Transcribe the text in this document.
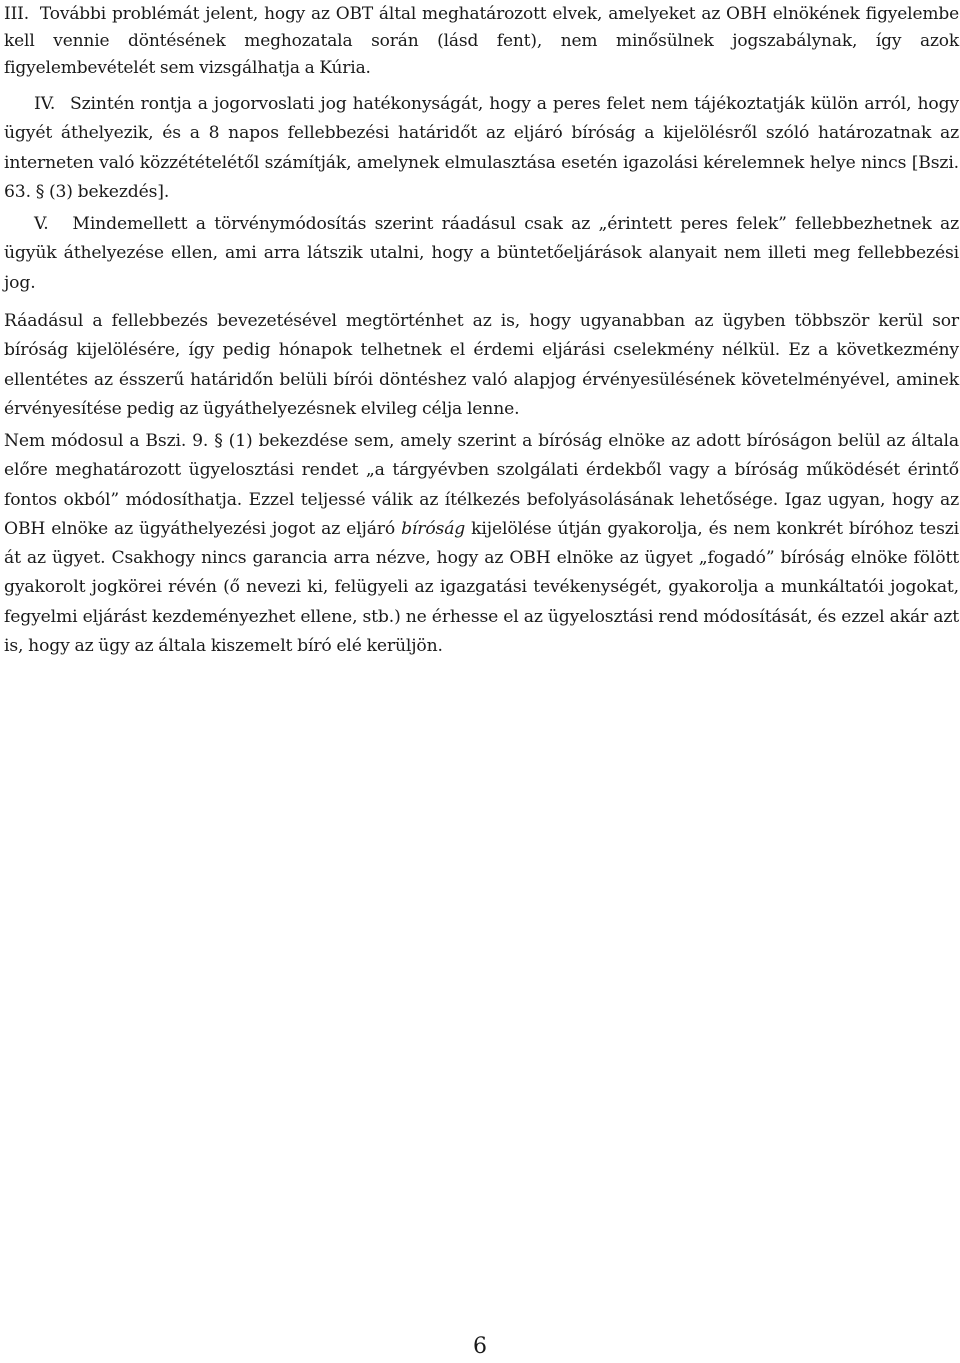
III. További problémát jelent, hogy az OBT által meghatározott elvek, amelyeket az OBH elnökének figyelembe kell vennie döntésének meghozatala során (lásd fent), nem minősülnek jogszabálynak, így azok figyelembevételét sem vizsgálhatja a Kúria.

IV. Szintén rontja a jogorvoslati jog hatékonyságát, hogy a peres felet nem tájékoztatják külön arról, hogy ügyét áthelyezik, és a 8 napos fellebbezési határidőt az eljáró bíróság a kijelölésről szóló határozatnak az interneten való közzétételétől számítják, amelynek elmulasztása esetén igazolási kérelemnek helye nincs [Bszi. 63. § (3) bekezdés].

V. Mindemellett a törvénymódosítás szerint ráadásul csak az „érintett peres felek” fellebbezhetnek az ügyük áthelyezése ellen, ami arra látszik utalni, hogy a büntetőeljárások alanyait nem illeti meg fellebbezési jog.

Ráadásul a fellebbezés bevezetésével megtörténhet az is, hogy ugyanabban az ügyben többször kerül sor bíróság kijelölésére, így pedig hónapok telhetnek el érdemi eljárási cselekmény nélkül. Ez a következmény ellentétes az ésszerű határidőn belüli bírói döntéshez való alapjog érvényesülésének követelményével, aminek érvényesítése pedig az ügyáthelyezésnek elvileg célja lenne.

Nem módosul a Bszi. 9. § (1) bekezdése sem, amely szerint a bíróság elnöke az adott bíróságon belül az általa előre meghatározott ügyelosztási rendet „a tárgyévben szolgálati érdekből vagy a bíróság működését érintő fontos okból” módosíthatja. Ezzel teljessé válik az ítélkezés befolyásolásának lehetősége. Igaz ugyan, hogy az OBH elnöke az ügyáthelyezési jogot az eljáró bíróság kijelölése útján gyakorolja, és nem konkrét bíróhoz teszi át az ügyet. Csakhogy nincs garancia arra nézve, hogy az OBH elnöke az ügyet „fogadó” bíróság elnöke fölött gyakorolt jogkörei révén (ő nevezi ki, felügyeli az igazgatási tevékenységét, gyakorolja a munkáltatói jogokat, fegyelmi eljárást kezdeményezhet ellene, stb.) ne érhesse el az ügyelosztási rend módosítását, és ezzel akár azt is, hogy az ügy az általa kiszemelt bíró elé kerüljön.

6
